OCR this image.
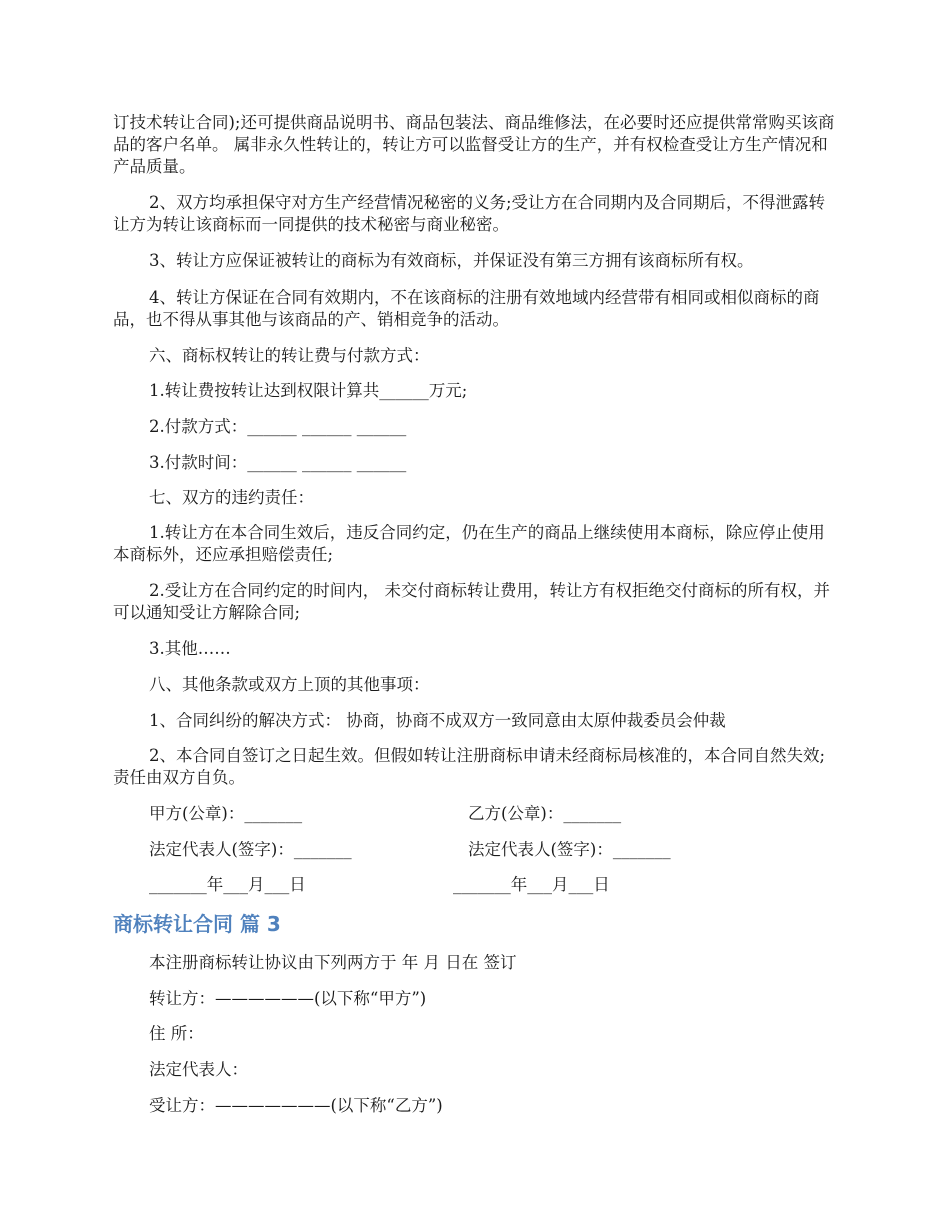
订技术转让合同);还可提供商品说明书、商品包装法、商品维修法，在必要时还应提供常常购买该商品的客户名单。 属非永久性转让的，转让方可以监督受让方的生产，并有权检查受让方生产情况和产品质量。

2、双方均承担保守对方生产经营情况秘密的义务;受让方在合同期内及合同期后，不得泄露转让方为转让该商标而一同提供的技术秘密与商业秘密。

3、转让方应保证被转让的商标为有效商标，并保证没有第三方拥有该商标所有权。

4、转让方保证在合同有效期内，不在该商标的注册有效地域内经营带有相同或相似商标的商品，也不得从事其他与该商品的产、销相竞争的活动。

六、商标权转让的转让费与付款方式：

1.转让费按转让达到权限计算共______万元;

2.付款方式：______ ______ ______

3.付款时间：______ ______ ______

七、双方的违约责任：

1.转让方在本合同生效后，违反合同约定，仍在生产的商品上继续使用本商标，除应停止使用本商标外，还应承担赔偿责任;

2.受让方在合同约定的时间内， 未交付商标转让费用，转让方有权拒绝交付商标的所有权，并可以通知受让方解除合同;

3.其他……

八、其他条款或双方上顶的其他事项：

1、合同纠纷的解决方式： 协商，协商不成双方一致同意由太原仲裁委员会仲裁

2、本合同自签订之日起生效。但假如转让注册商标申请未经商标局核准的，本合同自然失效;责任由双方自负。

甲方(公章)：_______	乙方(公章)：_______
法定代表人(签字)：_______	法定代表人(签字)：_______
_______年___月___日	_______年___月___日
商标转让合同 篇 3

本注册商标转让协议由下列两方于 年 月 日在 签订

转让方：——————(以下称“甲方”)

住 所：

法定代表人：

受让方：———————(以下称“乙方”)
